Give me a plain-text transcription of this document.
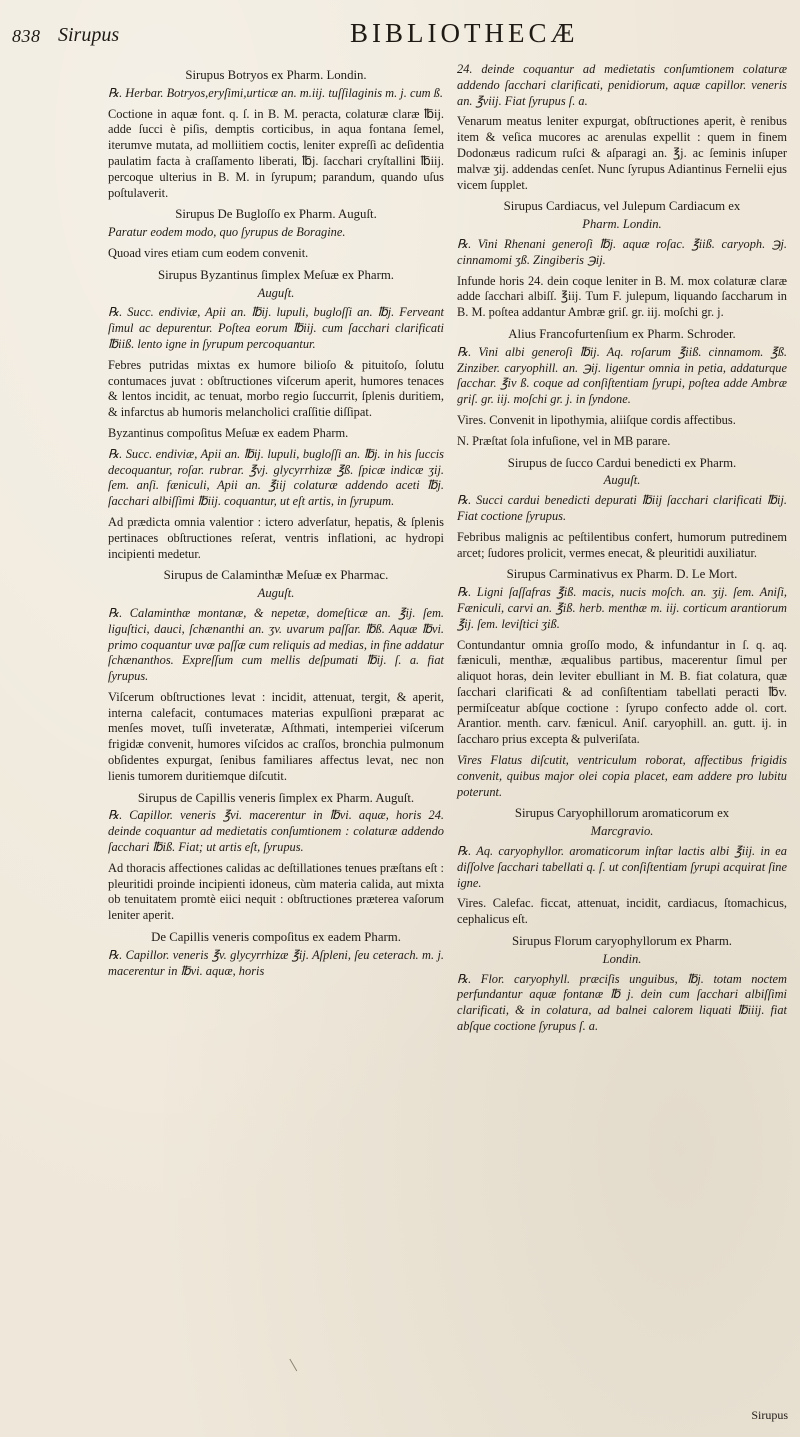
838 Sirupus	BIBLIOTHECÆ
Sirupus Botryos ex Pharm. Londin.

℞. Herbar. Botryos,eryſimi,urticæ an. m.iij. tuſſilaginis m. j. cum ß.

Coctione in aquæ font. q. ſ. in B. M. peracta, colaturæ claræ ℔ij. adde ſucci è piſis, demptis corticibus, in aqua fontana ſemel, iterumve mutata, ad molliitiem coctis, leniter expreſſi ac deſidentia paulatim facta à craſſamento liberati, ℔j. ſacchari cryſtallini ℔iij. percoque ulterius in B. M. in ſyrupum; parandum, quando uſus poſtulaverit.

Sirupus De Bugloſſo ex Pharm. Auguſt.

Paratur eodem modo, quo ſyrupus de Boragine.

Quoad vires etiam cum eodem convenit.

Sirupus Byzantinus ſimplex Meſuæ ex Pharm.
Auguſt.

℞. Succ. endiviæ, Apii an. ℔ij. lupuli, bugloſſi an. ℔j. Ferveant ſimul ac depurentur. Poſtea eorum ℔iij. cum ſacchari clarificati ℔iiß. lento igne in ſyrupum percoquantur.

Febres putridas mixtas ex humore bilioſo & pituitoſo, ſolutu contumaces juvat : obſtructiones viſcerum aperit, humores tenaces & lentos incidit, ac tenuat, morbo regio ſuccurrit, ſplenis duritiem, & infarctus ab humoris melancholici craſſitie diſſipat.

Byzantinus compoſitus Meſuæ ex eadem Pharm.

℞. Succ. endiviæ, Apii an. ℔ij. lupuli, bugloſſi an. ℔j. in his ſuccis decoquantur, roſar. rubrar. ℥vj. glycyrrhizæ ℥ß. ſpicæ indicæ ʒij. ſem. anſi. fæniculi, Apii an. ℥iij colaturæ addendo aceti ℔j. ſacchari albiſſimi ℔iij. coquantur, ut eſt artis, in ſyrupum.

Ad prædicta omnia valentior : ictero adverſatur, hepatis, & ſplenis pertinaces obſtructiones reſerat, ventris inflationi, ac hydropi incipienti medetur.

Sirupus de Calaminthæ Meſuæ ex Pharmac.
Auguſt.

℞. Calaminthæ montanæ, & nepetæ, domeſticæ an. ℥ij. ſem. liguſtici, dauci, ſchænanthi an. ʒv. uvarum paſſar. ℔ß. Aquæ ℔vi. primo coquantur uvæ paſſæ cum reliquis ad medias, in fine addatur ſchænanthos. Expreſſum cum mellis deſpumati ℔ij. ſ. a. fiat ſyrupus.

Viſcerum obſtructiones levat : incidit, attenuat, tergit, & aperit, interna calefacit, contumaces materias expulſioni præparat ac menſes movet, tuſſi inveteratæ, Aſthmati, intemperiei viſcerum frigidæ convenit, humores viſcidos ac craſſos, bronchia pulmonum obſidentes expurgat, ſenibus familiares affectus levat, nec non lienis tumorem duritiemque diſcutit.

Sirupus de Capillis veneris ſimplex ex Pharm. Auguſt.

℞. Capillor. veneris ℥vi. macerentur in ℔vi. aquæ, horis 24. deinde coquantur ad medietatis conſumtionem : colaturæ addendo ſacchari ℔iß. Fiat; ut artis eſt, ſyrupus.

Ad thoracis affectiones calidas ac deſtillationes tenues præſtans eſt : pleuritidi proinde incipienti idoneus, cùm materia calida, aut mixta ob tenuitatem promtè eiici nequit : obſtructiones præterea vaſorum leniter aperit.

De Capillis veneris compoſitus ex eadem Pharm.

℞. Capillor. veneris ℥v. glycyrrhizæ ℥ij. Aſpleni, ſeu ceterach. m. j. macerentur in ℔vi. aquæ, horis

24. deinde coquantur ad medietatis conſumtionem colaturæ addendo ſacchari clarificati, penidiorum, aquæ capillor. veneris an. ℥viij. Fiat ſyrupus ſ. a.

Venarum meatus leniter expurgat, obſtructiones aperit, è renibus item & veſica mucores ac arenulas expellit : quem in finem Dodonæus radicum ruſci & aſparagi an. ℥j. ac ſeminis inſuper malvæ ʒij. addendas cenſet. Nunc ſyrupus Adiantinus Fernelii ejus vicem ſupplet.

Sirupus Cardiacus, vel Julepum Cardiacum ex
Pharm. Londin.

℞. Vini Rhenani generoſi ℔j. aquæ roſac. ℥iiß. caryoph. ℈j. cinnamomi ʒß. Zingiberis ℈ij.

Infunde horis 24. dein coque leniter in B. M. mox colaturæ claræ adde ſacchari albiſſ. ℥iij. Tum F. julepum, liquando ſaccharum in B. M. poſtea addantur Ambræ griſ. gr. iij. moſchi gr. j.

Alius Francofurtenſium ex Pharm. Schroder.

℞. Vini albi generoſi ℔ij. Aq. roſarum ℥iiß. cinnamom. ℥ß. Zinziber. caryophill. an. ℈ij. ligentur omnia in petia, addaturque ſacchar. ℥iv ß. coque ad conſiſtentiam ſyrupi, poſtea adde Ambræ griſ. gr. iij. moſchi gr. j. in ſyndone.

Vires. Convenit in lipothymia, aliiſque cordis affectibus.

N. Præſtat ſola infuſione, vel in MB parare.

Sirupus de ſucco Cardui benedicti ex Pharm.
Auguſt.

℞. Succi cardui benedicti depurati ℔iij ſacchari clarificati ℔ij. Fiat coctione ſyrupus.

Febribus malignis ac peſtilentibus confert, humorum putredinem arcet; ſudores prolicit, vermes enecat, & pleuritidi auxiliatur.

Sirupus Carminativus ex Pharm. D. Le Mort.

℞. Ligni ſaſſafras ℥iß. macis, nucis moſch. an. ʒij. ſem. Aniſi, Fæniculi, carvi an. ℥iß. herb. menthæ m. iij. corticum arantiorum ℥ij. ſem. leviſtici ʒiß.

Contundantur omnia groſſo modo, & infundantur in ſ. q. aq. fæniculi, menthæ, æqualibus partibus, macerentur ſimul per aliquot horas, dein leviter ebulliant in M. B. fiat colatura, quæ ſacchari clarificati & ad conſiſtentiam tabellati peracti ℔v. permiſceatur abſque coctione : ſyrupo confecto adde ol. cort. Arantior. menth. carv. fænicul. Aniſ. caryophill. an. gutt. ij. in ſaccharo prius excepta & pulveriſata.

Vires Flatus diſcutit, ventriculum roborat, affectibus frigidis convenit, quibus major olei copia placet, eam addere pro lubitu poterunt.

Sirupus Caryophillorum aromaticorum ex
Marcgravio.

℞. Aq. caryophyllor. aromaticorum inſtar lactis albi ℥iij. in ea diſſolve ſacchari tabellati q. ſ. ut conſiſtentiam ſyrupi acquirat ſine igne.

Vires. Calefac. ficcat, attenuat, incidit, cardiacus, ſtomachicus, cephalicus eſt.

Sirupus Florum caryophyllorum ex Pharm.
Londin.

℞. Flor. caryophyll. præciſis unguibus, ℔j. totam noctem perfundantur aquæ fontanæ ℔ j. dein cum ſacchari albiſſimi clarificati, & in colatura, ad balnei calorem liquati ℔iiij. fiat abſque coctione ſyrupus ſ. a.

Sirupus
